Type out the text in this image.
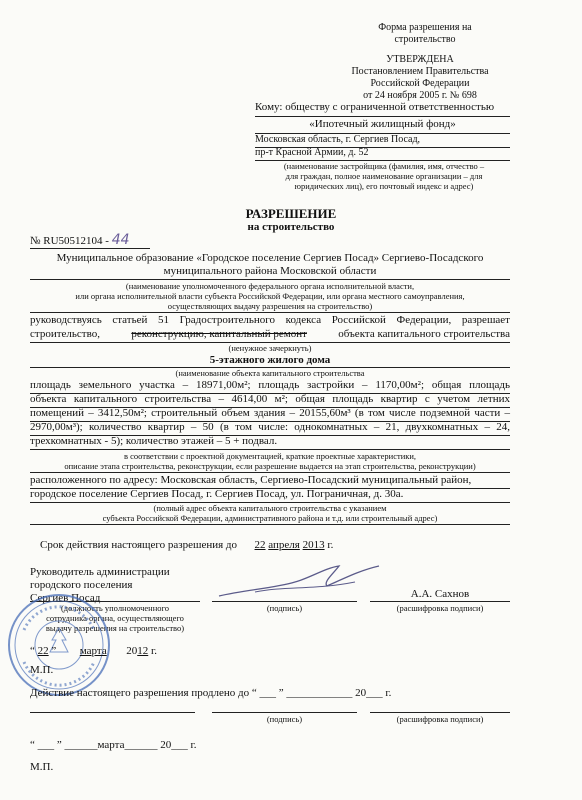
Форма разрешения на
строительство
УТВЕРЖДЕНА
Постановлением Правительства
Российской Федерации
от 24 ноября 2005 г. № 698
Кому: обществу с ограниченной ответственностью
«Ипотечный жилищный фонд»
Московская область, г. Сергиев Посад,
пр-т Красной Армии, д. 52
(наименование застройщика (фамилия, имя, отчество –
для граждан, полное наименование организации – для
юридических лиц), его почтовый индекс и адрес)
РАЗРЕШЕНИЕ
на строительство
№ RU50512104 - 44
Муниципальное образование «Городское поселение Сергиев Посад» Сергиево-Посадского
муниципального района Московской области
(наименование уполномоченного федерального органа исполнительной власти,
или органа исполнительной власти субъекта Российской Федерации, или органа местного самоуправления,
осуществляющих выдачу разрешения на строительство)
руководствуясь статьей 51 Градостроительного кодекса Российской Федерации, разрешает
строительство,	реконструкцию, капитальный ремонт	объекта капитального строительства
(ненужное зачеркнуть)
5-этажного жилого дома
(наименование объекта капитального строительства
площадь земельного участка – 18971,00м²; площадь застройки – 1170,00м²; общая площадь
объекта капитального строительства – 4614,00 м²; общая площадь квартир с учетом летних
помещений – 3412,50м²; строительный объем здания – 20155,60м³ (в том числе подземной части –
2970,00м³); количество квартир – 50 (в том числе: однокомнатных – 21, двухкомнатных – 24,
трехкомнатных - 5); количество этажей – 5 + подвал.
в соответствии с проектной документацией, краткие проектные характеристики,
описание этапа строительства, реконструкции, если разрешение выдается на этап строительства, реконструкции)
расположенного по адресу: Московская область, Сергиево-Посадский муниципальный район,
городское поселение Сергиев Посад, г. Сергиев Посад, ул. Пограничная, д. 30а.
(полный адрес объекта капитального строительства с указанием
субъекта Российской Федерации, административного района и т.д. или строительный адрес)
Срок действия настоящего разрешения до 22 апреля 2013 г.
Руководитель администрации
городского поселения
Сергиев Посад	А.А. Сахнов
(должность уполномоченного
сотрудника органа, осуществляющего
выдачу разрешения на строительство)
(подпись)	(расшифровка подписи)
“ 22 ” марта 2012 г.
М.П.
Действие настоящего разрешения продлено до “ ___ ” ____________ 20___ г.
(подпись)	(расшифровка подписи)
“ ___ ” ______марта______ 20___ г.
М.П.
